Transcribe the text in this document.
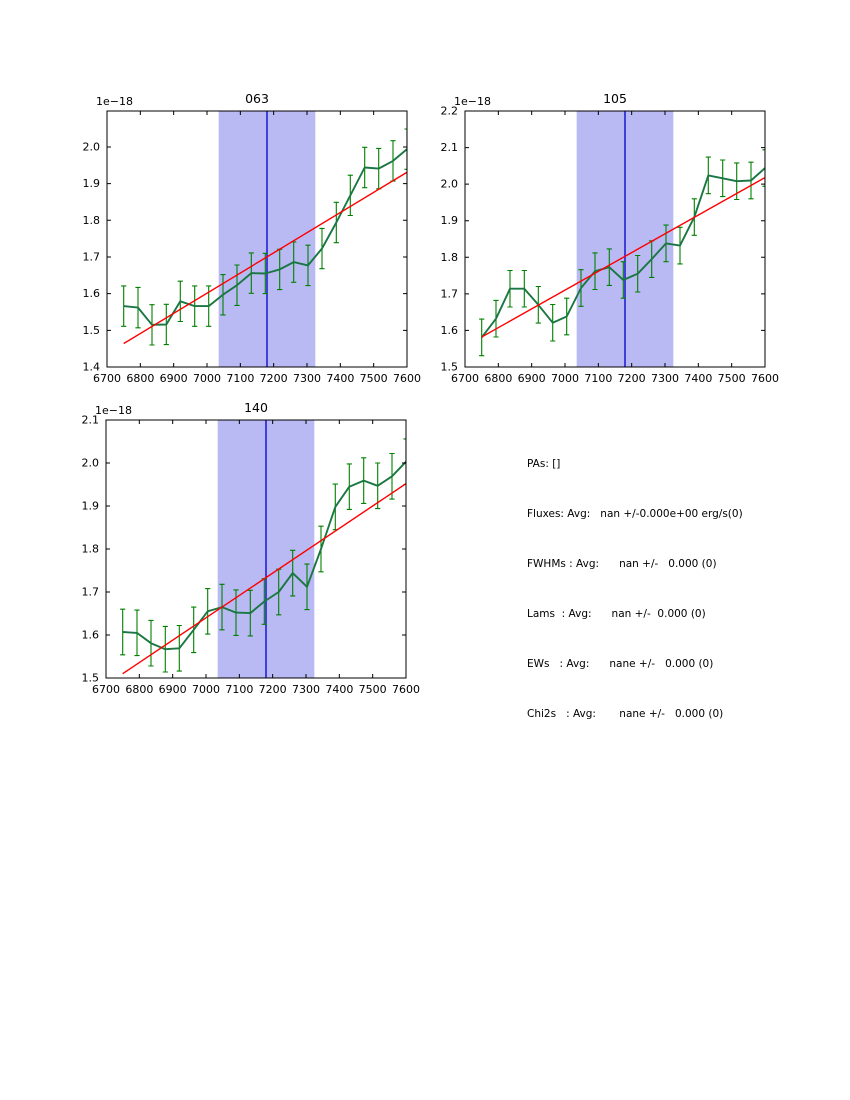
6700 6800 6900 7000 7100 7200 7300 7400 7500 7600
1.4
1.5
1.6
1.7
1.8
1.9
2.0
063
1e−18
6700 6800 6900 7000 7100 7200 7300 7400 7500 7600
1.5
1.6
1.7
1.8
1.9
2.0
2.1
2.2
105
1e−18
6700 6800 6900 7000 7100 7200 7300 7400 7500 7600
1.5
1.6
1.7
1.8
1.9
2.0
2.1
140
1e−18

PAs: []

Fluxes: Avg:   nan +/-0.000e+00 erg/s(0)

FWHMs : Avg:      nan +/-   0.000 (0)

Lams  : Avg:      nan +/-  0.000 (0)

EWs   : Avg:      nane +/-   0.000 (0)

Chi2s   : Avg:       nane +/-   0.000 (0)
